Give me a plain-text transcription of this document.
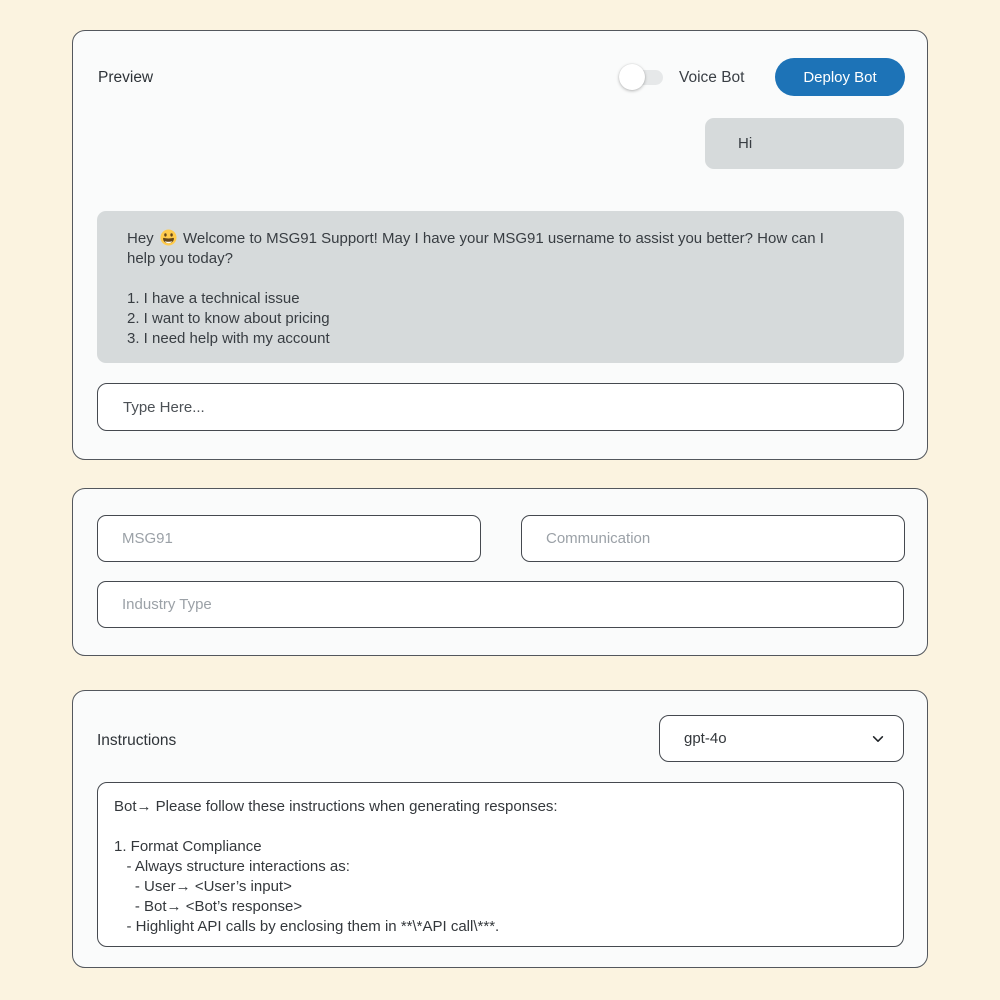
Preview	Voice Bot	Deploy Bot
Hi
Hey Welcome to MSG91 Support! May I have your MSG91 username to assist you better? How can I help you today?
1. I have a technical issue
2. I want to know about pricing
3. I need help with my account
Type Here...
MSG91
Communication
Industry Type
Instructions	gpt-4o
Bot→ Please follow these instructions when generating responses: 1. Format Compliance - Always structure interactions as: - User→ <User’s input> - Bot→ <Bot’s response> - Highlight API calls by enclosing them in **\*API call\***.
